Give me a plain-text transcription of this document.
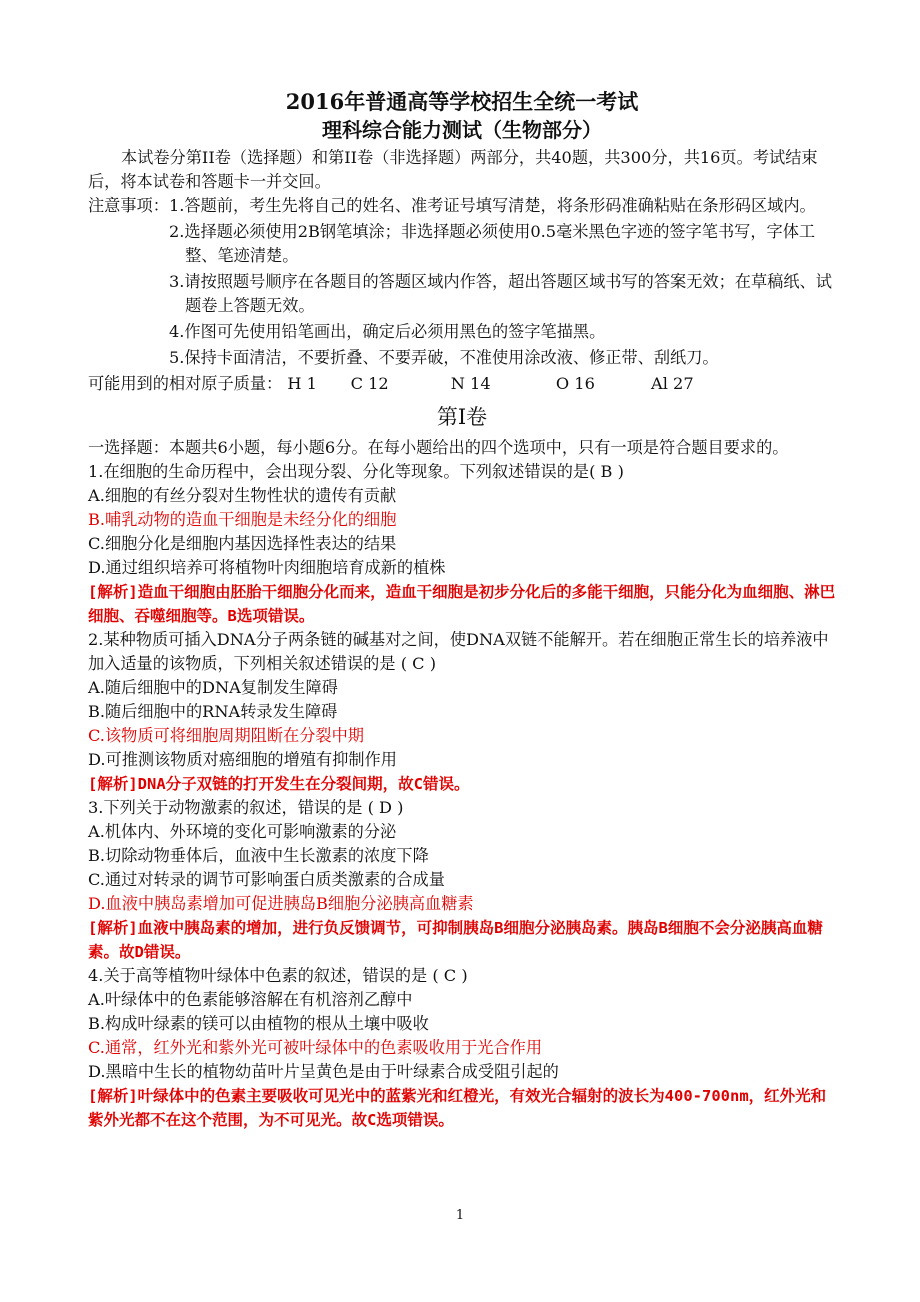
2016年普通高等学校招生全统一考试
理科综合能力测试（生物部分）

本试卷分第II卷（选择题）和第II卷（非选择题）两部分，共40题，共300分，共16页。考试结束后，将本试卷和答题卡一并交回。

注意事项： 1.答题前，考生先将自己的姓名、准考证号填写清楚，将条形码准确粘贴在条形码区域内。
2.选择题必须使用2B钢笔填涂；非选择题必须使用0.5毫米黑色字迹的签字笔书写，字体工整、笔迹清楚。
3.请按照题号顺序在各题目的答题区域内作答，超出答题区域书写的答案无效；在草稿纸、试题卷上答题无效。
4.作图可先使用铅笔画出，确定后必须用黑色的签字笔描黑。
5.保持卡面清洁，不要折叠、不要弄破，不准使用涂改液、修正带、刮纸刀。

可能用到的相对原子质量： H 1 C 12	N 14	O 16	Al 27

第I卷

一选择题：本题共6小题，每小题6分。在每小题给出的四个选项中，只有一项是符合题目要求的。

1.在细胞的生命历程中，会出现分裂、分化等现象。下列叙述错误的是( B )

A.细胞的有丝分裂对生物性状的遗传有贡献

B.哺乳动物的造血干细胞是未经分化的细胞

C.细胞分化是细胞内基因选择性表达的结果

D.通过组织培养可将植物叶肉细胞培育成新的植株

[解析]造血干细胞由胚胎干细胞分化而来，造血干细胞是初步分化后的多能干细胞，只能分化为血细胞、淋巴细胞、吞噬细胞等。B选项错误。

2.某种物质可插入DNA分子两条链的碱基对之间，使DNA双链不能解开。若在细胞正常生长的培养液中加入适量的该物质，下列相关叙述错误的是 ( C )

A.随后细胞中的DNA复制发生障碍

B.随后细胞中的RNA转录发生障碍

C.该物质可将细胞周期阻断在分裂中期

D.可推测该物质对癌细胞的增殖有抑制作用

[解析]DNA分子双链的打开发生在分裂间期，故C错误。

3.下列关于动物激素的叙述，错误的是 ( D )

A.机体内、外环境的变化可影响激素的分泌

B.切除动物垂体后，血液中生长激素的浓度下降

C.通过对转录的调节可影响蛋白质类激素的合成量

D.血液中胰岛素增加可促进胰岛B细胞分泌胰高血糖素

[解析]血液中胰岛素的增加，进行负反馈调节，可抑制胰岛B细胞分泌胰岛素。胰岛B细胞不会分泌胰高血糖素。故D错误。

4.关于高等植物叶绿体中色素的叙述，错误的是 ( C )

A.叶绿体中的色素能够溶解在有机溶剂乙醇中

B.构成叶绿素的镁可以由植物的根从土壤中吸收

C.通常，红外光和紫外光可被叶绿体中的色素吸收用于光合作用

D.黑暗中生长的植物幼苗叶片呈黄色是由于叶绿素合成受阻引起的

[解析]叶绿体中的色素主要吸收可见光中的蓝紫光和红橙光，有效光合辐射的波长为400-700nm，红外光和紫外光都不在这个范围，为不可见光。故C选项错误。

1
